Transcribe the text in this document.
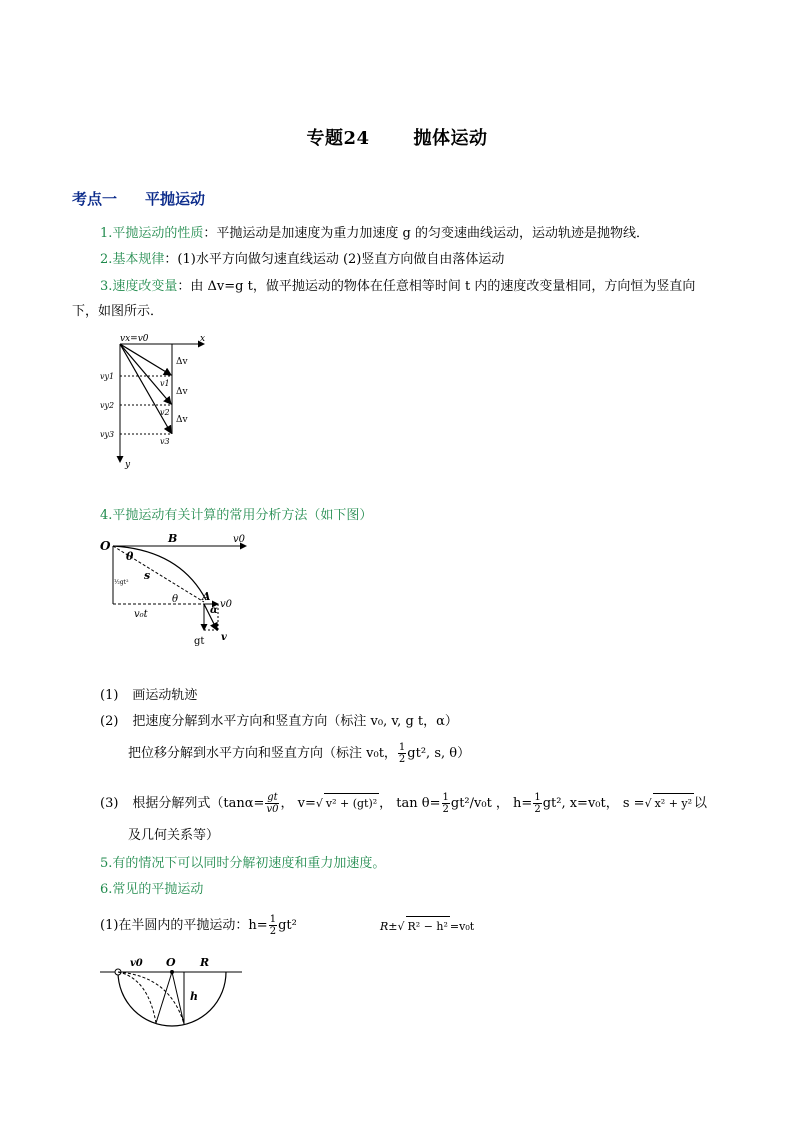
专题24 抛体运动
考点一 平抛运动
1.平抛运动的性质：平抛运动是加速度为重力加速度 g 的匀变速曲线运动，运动轨迹是抛物线．
2.基本规律：(1)水平方向做匀速直线运动 (2)竖直方向做自由落体运动
3.速度改变量：由 Δv=g t，做平抛运动的物体在任意相等时间 t 内的速度改变量相同，方向恒为竖直向
下，如图所示．
vx=v0	x
y
vy1
vy2
vy3
v1
v2
v3
Δv
Δv
Δv
4.平抛运动有关计算的常用分析方法（如下图）
O
B	v0
θ
s
½gt²
θ A
α
v0
gt v
v₀t
(1) 画运动轨迹
(2) 把速度分解到水平方向和竖直方向（标注 v₀, v, g t，α）
把位移分解到水平方向和竖直方向（标注 v₀t， $\frac{1}{2} gt^2$, s, θ）
(3) 根据分解列式（$\tan\alpha= \frac{gt}{v0}$ ， v=√ v² + (gt)² ， $\tan \theta= \frac{1}{2} gt^2/v_0t$ ， $h= \frac{1}{2} gt^2$, x=v₀t， s =√ x² + y² 以
及几何关系等）
5.有的情况下可以同时分解初速度和重力加速度。
6.常见的平抛运动
(1)在半圆内的平抛运动：$h= \frac{1}{2} gt^2$	R±√ R² − h² =v₀t
v0 O R
h
